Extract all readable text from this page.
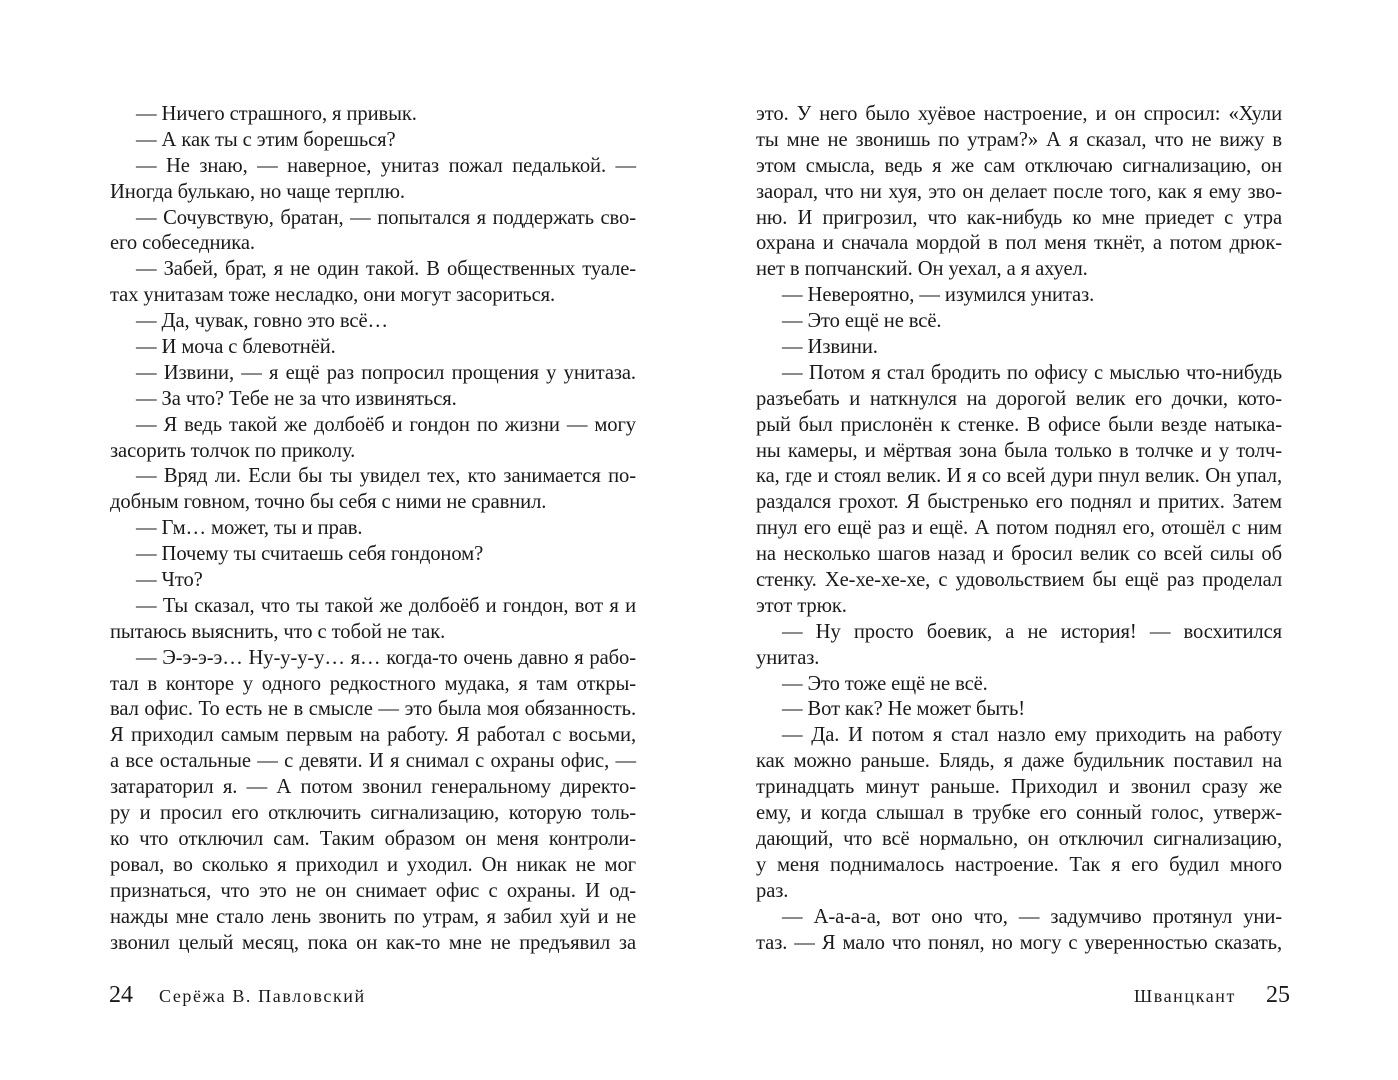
— Ничего страшного, я привык.
— А как ты с этим борешься?
— Не знаю, — наверное, унитаз пожал педалькой. —
Иногда булькаю, но чаще терплю.
— Сочувствую, братан, — попытался я поддержать сво-
его собеседника.
— Забей, брат, я не один такой. В общественных туале-
тах унитазам тоже несладко, они могут засориться.
— Да, чувак, говно это всё…
— И моча с блевотнёй.
— Извини, — я ещё раз попросил прощения у унитаза.
— За что? Тебе не за что извиняться.
— Я ведь такой же долбоёб и гондон по жизни — могу
засорить толчок по приколу.
— Вряд ли. Если бы ты увидел тех, кто занимается по-
добным говном, точно бы себя с ними не сравнил.
— Гм… может, ты и прав.
— Почему ты считаешь себя гондоном?
— Что?
— Ты сказал, что ты такой же долбоёб и гондон, вот я и
пытаюсь выяснить, что с тобой не так.
— Э-э-э-э… Ну-у-у-у… я… когда-то очень давно я рабо-
тал в конторе у одного редкостного мудака, я там откры-
вал офис. То есть не в смысле — это была моя обязанность.
Я приходил самым первым на работу. Я работал с восьми,
а все остальные — с девяти. И я снимал с охраны офис, —
затараторил я. — А потом звонил генеральному директо-
ру и просил его отключить сигнализацию, которую толь-
ко что отключил сам. Таким образом он меня контроли-
ровал, во сколько я приходил и уходил. Он никак не мог
признаться, что это не он снимает офис с охраны. И од-
нажды мне стало лень звонить по утрам, я забил хуй и не
звонил целый месяц, пока он как-то мне не предъявил за
24 Серёжа В. Павловский
это. У него было хуёвое настроение, и он спросил: «Хули
ты мне не звонишь по утрам?» А я сказал, что не вижу в
этом смысла, ведь я же сам отключаю сигнализацию, он
заорал, что ни хуя, это он делает после того, как я ему зво-
ню. И пригрозил, что как-нибудь ко мне приедет с утра
охрана и сначала мордой в пол меня ткнёт, а потом дрюк-
нет в попчанский. Он уехал, а я ахуел.
— Невероятно, — изумился унитаз.
— Это ещё не всё.
— Извини.
— Потом я стал бродить по офису с мыслью что-нибудь
разъебать и наткнулся на дорогой велик его дочки, кото-
рый был прислонён к стенке. В офисе были везде натыка-
ны камеры, и мёртвая зона была только в толчке и у толч-
ка, где и стоял велик. И я со всей дури пнул велик. Он упал,
раздался грохот. Я быстренько его поднял и притих. Затем
пнул его ещё раз и ещё. А потом поднял его, отошёл с ним
на несколько шагов назад и бросил велик со всей силы об
стенку. Хе-хе-хе-хе, с удовольствием бы ещё раз проделал
этот трюк.
— Ну просто боевик, а не история! — восхитился
унитаз.
— Это тоже ещё не всё.
— Вот как? Не может быть!
— Да. И потом я стал назло ему приходить на работу
как можно раньше. Блядь, я даже будильник поставил на
тринадцать минут раньше. Приходил и звонил сразу же
ему, и когда слышал в трубке его сонный голос, утверж-
дающий, что всё нормально, он отключил сигнализацию,
у меня поднималось настроение. Так я его будил много
раз.
— А-а-а-а, вот оно что, — задумчиво протянул уни-
таз. — Я мало что понял, но могу с уверенностью сказать,
Шванцкант 25
